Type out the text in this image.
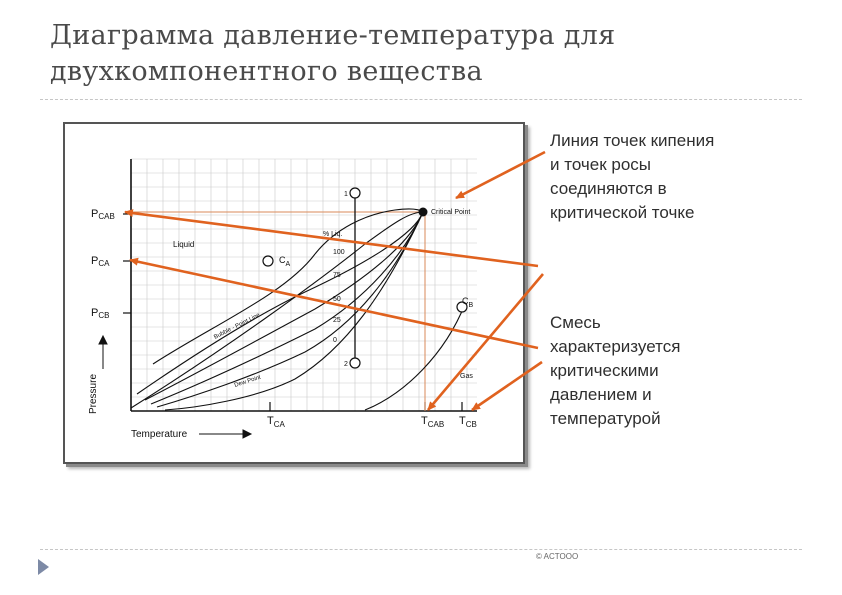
Диаграмма давление-температура для
двухкомпонентного вещества
PCAB
PCA
PCB
$T_{CA}$	$T_{CAB}$ $T_{CB}$
Temperature
Pressure
Liquid
Gas
Critical Point
Bubble - Point Line
Dew Point
% Liq.
100
75
50
25
0
1
2
$C_A$
$C_B$
Линия точек кипения
и точек росы
соединяются в
критической точке
Смесь
характеризуется
критическими
давлением и
температурой
© ACTOOO
